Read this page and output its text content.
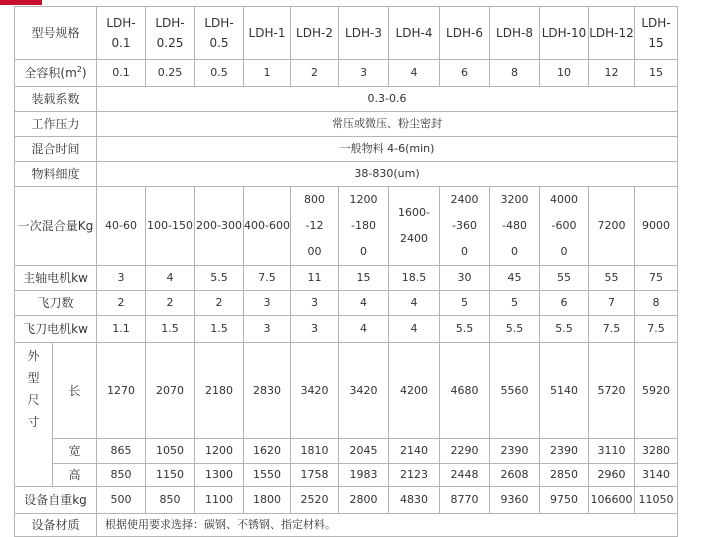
型号规格		LDH-0.1	LDH-0.25	LDH-0.5	LDH-1	LDH-2	LDH-3	LDH-4	LDH-6	LDH-8	LDH-10	LDH-12	LDH-15
全容积$(m^2)$		0.1	0.25	0.5	1	2	3	4	6	8	10	12	15
装载系数		0.3-0.6											
工作压力		常压或微压、粉尘密封											
混合时间		一般物料 4-6(min)											
物料细度		38-830(um)											
一次混合量Kg		40-60	100-150	200-300	400-600	800-1200	1200-1800	1600-2400	2400-3600	3200-4800	4000-6000	7200	9000
主轴电机kw		3	4	5.5	7.5	11	15	18.5	30	45	55	55	75
飞刀数		2	2	2	3	3	4	4	5	5	6	7	8
飞刀电机kw		1.1	1.5	1.5	3	3	4	4	5.5	5.5	5.5	7.5	7.5
外型尺寸	长	1270	2070	2180	2830	3420	3420	4200	4680	5560	5140	5720	5920
	宽	865	1050	1200	1620	1810	2045	2140	2290	2390	2390	3110	3280
	高	850	1150	1300	1550	1758	1983	2123	2448	2608	2850	2960	3140
设备自重kg		500	850	1100	1800	2520	2800	4830	8770	9360	9750	106600	11050
设备材质		根据使用要求选择：碳钢、不锈钢、指定材料。											
